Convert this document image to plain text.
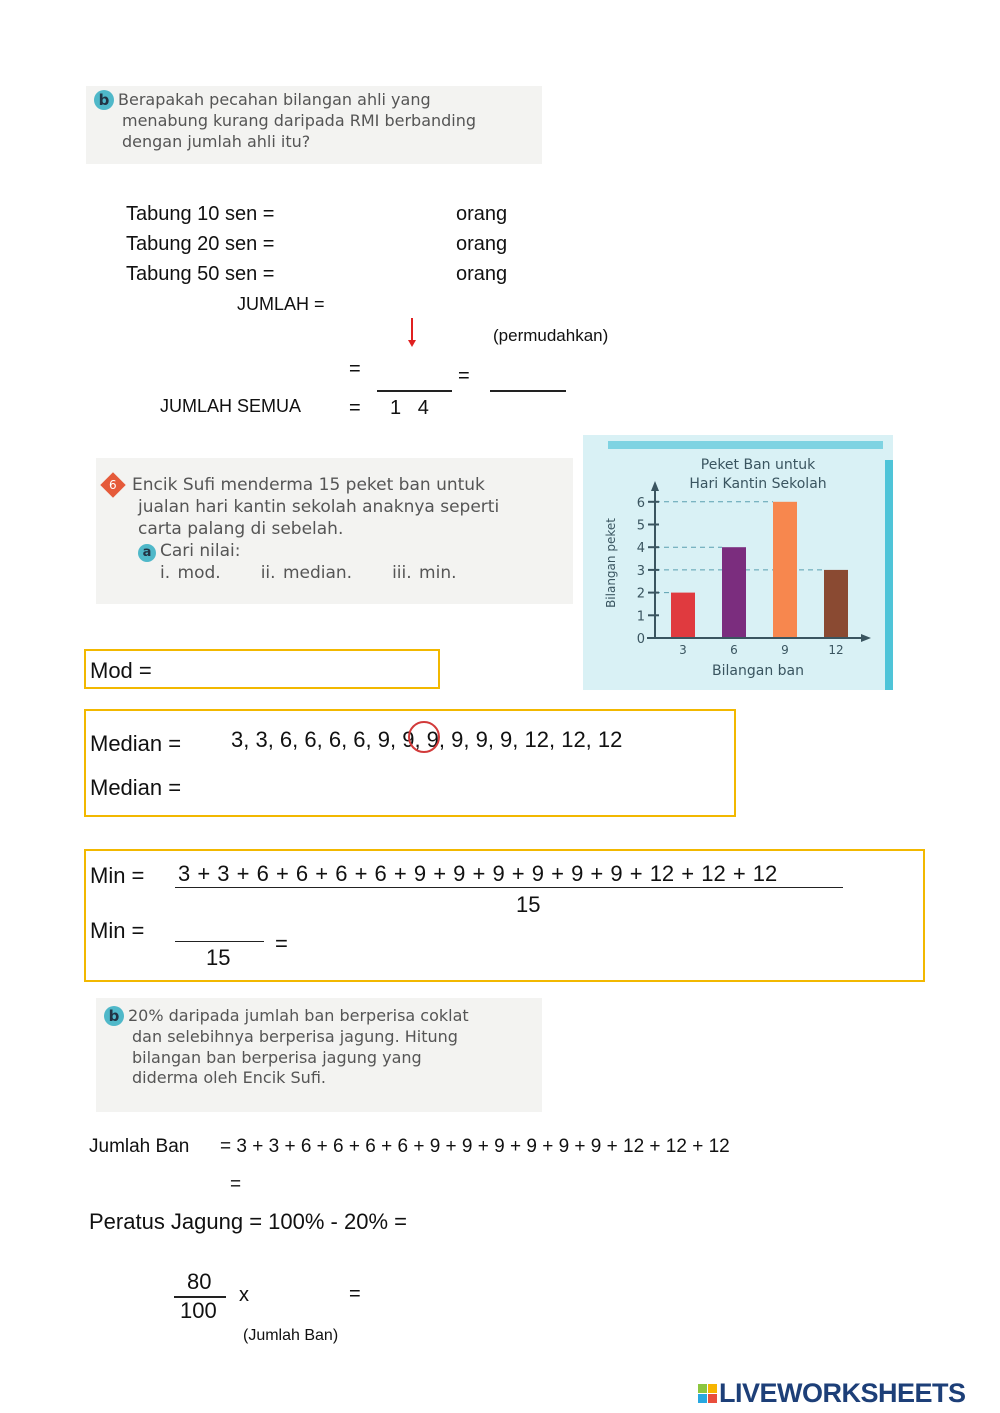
b Berapakah pecahan bilangan ahli yang
menabung kurang daripada RMI berbanding
dengan jumlah ahli itu?
Tabung 10 sen =	orang
Tabung 20 sen =	orang
Tabung 50 sen =	orang
JUMLAH =
(permudahkan)
=	=
JUMLAH SEMUA = 1   4
6 Encik Sufi menderma 15 peket ban untuk
jualan hari kantin sekolah anaknya seperti
carta palang di sebelah.
a Cari nilai:
i. mod. ii. median. iii. min.
Peket Ban untuk
Hari Kantin Sekolah
3	6	9	12
0
1
2
3
4
5
6
Bilangan ban
Bilangan peket
Mod =
Median = 3, 3, 6, 6, 6, 6, 9, 9, 9, 9, 9, 9, 12, 12, 12
Median =
Min = 3 + 3 + 6 + 6 + 6 + 6 + 9 + 9 + 9 + 9 + 9 + 9 + 12 + 12 + 12
15
Min =
15
=
b 20% daripada jumlah ban berperisa coklat
dan selebihnya berperisa jagung. Hitung
bilangan ban berperisa jagung yang
diderma oleh Encik Sufi.
Jumlah Ban = 3 + 3 + 6 + 6 + 6 + 6 + 9 + 9 + 9 + 9 + 9 + 9 + 12 + 12 + 12
=
Peratus Jagung = 100% - 20% =
80
100
x	=
(Jumlah Ban)
LIVEWORKSHEETS
